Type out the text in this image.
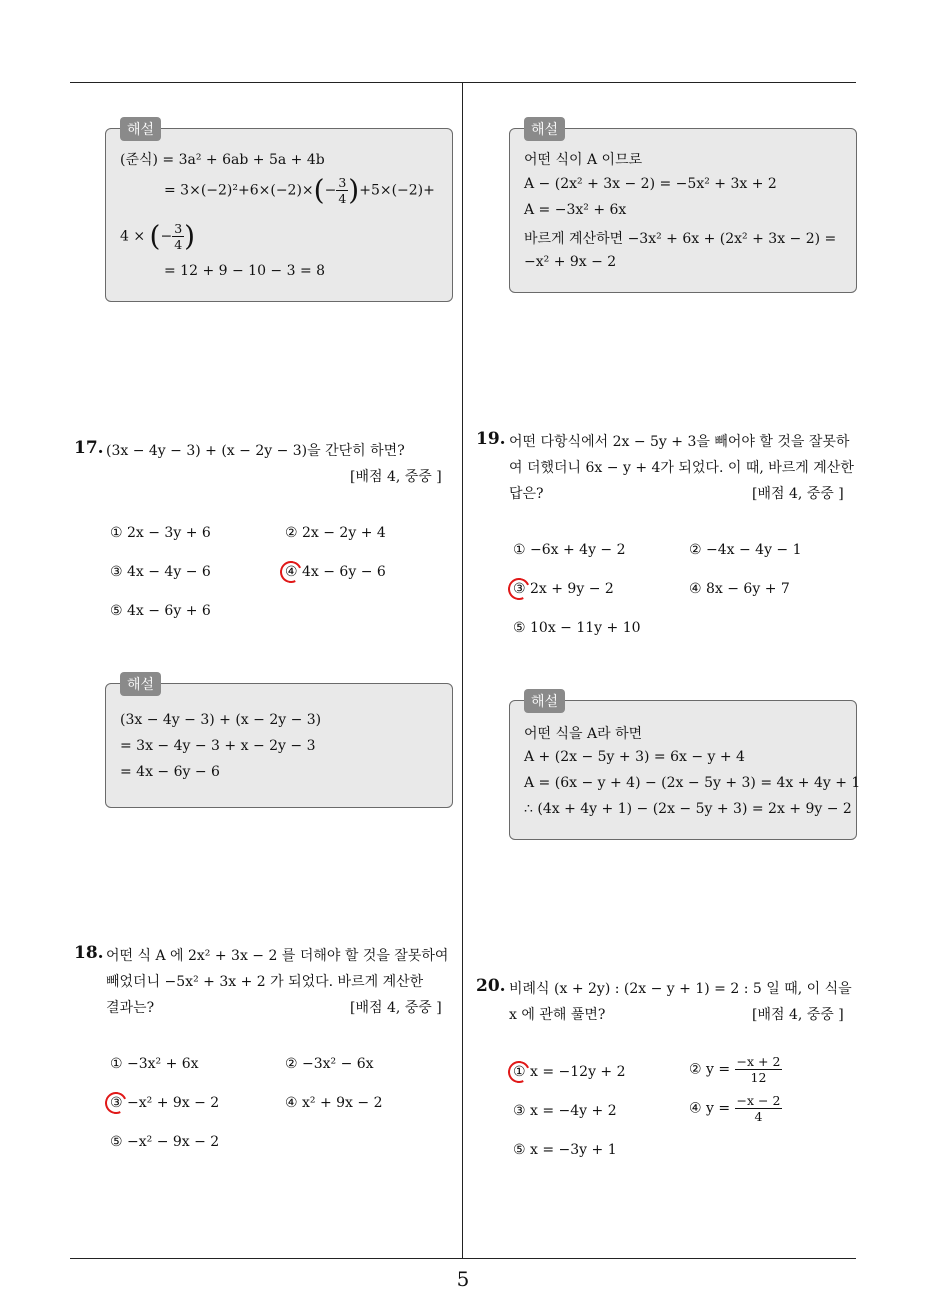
5
해설
(준식) = 3a² + 6ab + 5a + 4b
= $3\times(-2)^2+6\times(-2)\times(- \frac{3}{4} )+5\times(-2)+$
4 × (− $\frac{3}{4}$ )
= 12 + 9 − 10 − 3 = 8
해설
어떤 식이 A 이므로
A − (2x² + 3x − 2) = −5x² + 3x + 2
A = −3x² + 6x
바르게 계산하면 −3x² + 6x + (2x² + 3x − 2) =
−x² + 9x − 2
17. (3x − 4y − 3) + (x − 2y − 3)을 간단히 하면?
[배점 4, 중중 ]
① 2x − 3y + 6	② 2x − 2y + 4
③ 4x − 4y − 6	④ 4x − 6y − 6
⑤ 4x − 6y + 6
해설
(3x − 4y − 3) + (x − 2y − 3)
= 3x − 4y − 3 + x − 2y − 3
= 4x − 6y − 6
18. 어떤 식 A 에 2x² + 3x − 2 를 더해야 할 것을 잘못하여
빼었더니 −5x² + 3x + 2 가 되었다. 바르게 계산한
결과는?	[배점 4, 중중 ]
① −3x² + 6x	② −3x² − 6x
③ −x² + 9x − 2	④ x² + 9x − 2
⑤ −x² − 9x − 2
19. 어떤 다항식에서 2x − 5y + 3을 빼어야 할 것을 잘못하
여 더했더니 6x − y + 4가 되었다. 이 때, 바르게 계산한
답은?	[배점 4, 중중 ]
① −6x + 4y − 2	② −4x − 4y − 1
③ 2x + 9y − 2	④ 8x − 6y + 7
⑤ 10x − 11y + 10
해설
어떤 식을 A라 하면
A + (2x − 5y + 3) = 6x − y + 4
A = (6x − y + 4) − (2x − 5y + 3) = 4x + 4y + 1
∴ (4x + 4y + 1) − (2x − 5y + 3) = 2x + 9y − 2
20. 비례식 (x + 2y) : (2x − y + 1) = 2 : 5 일 때, 이 식을
x 에 관해 풀면?	[배점 4, 중중 ]
① x = −12y + 2	② $y = \frac{-x + 2}{12}$
③ x = −4y + 2	④ $y = \frac{-x - 2}{4}$
⑤ x = −3y + 1
